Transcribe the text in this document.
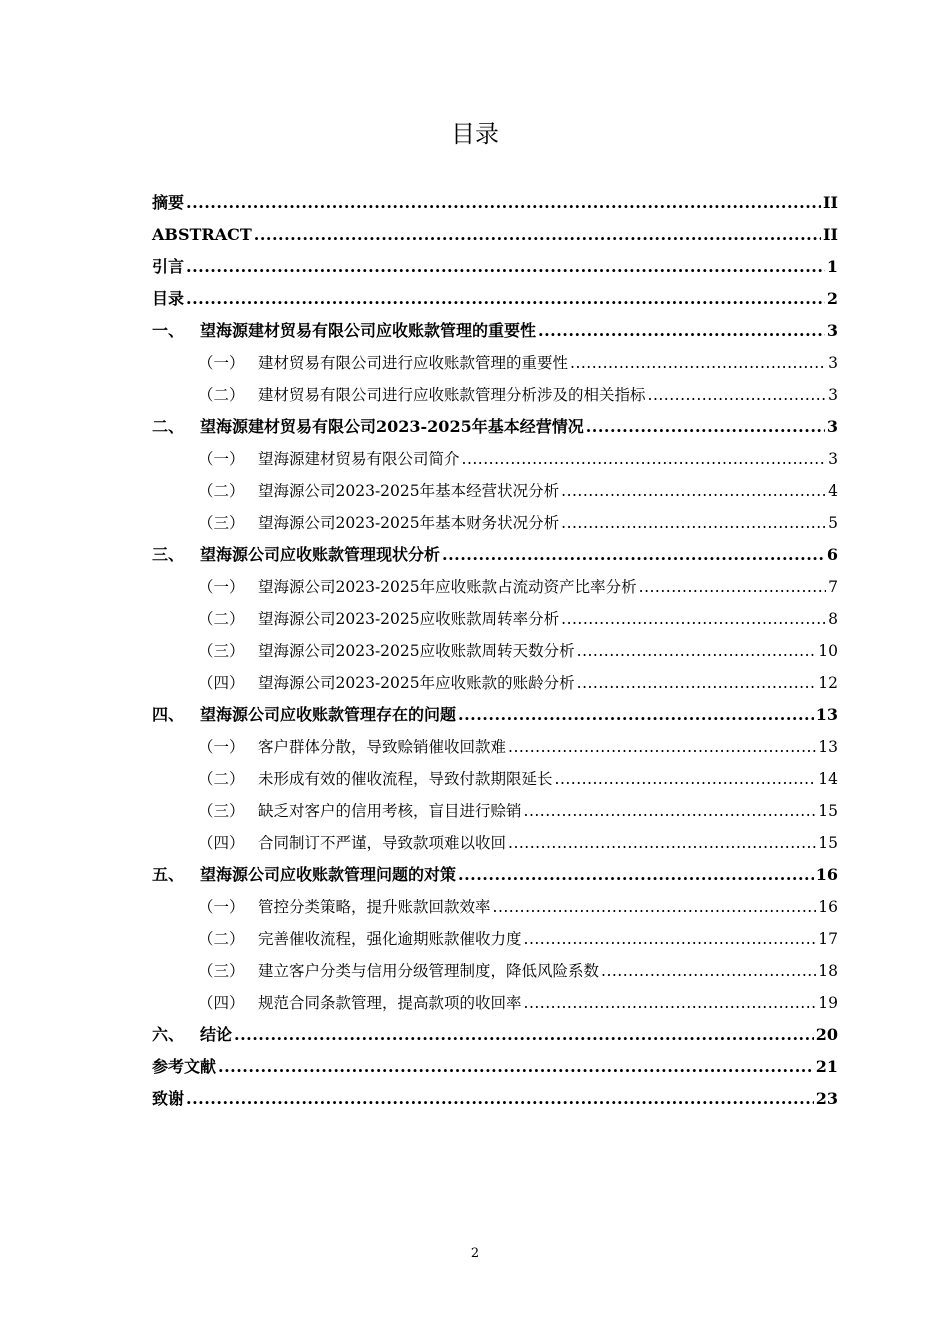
目录
摘要 .....	II
ABSTRACT .....	II
引言 .....	1
目录 .....	2
一、 望海源建材贸易有限公司应收账款管理的重要性 .....	3
（一） 建材贸易有限公司进行应收账款管理的重要性 .....	3
（二） 建材贸易有限公司进行应收账款管理分析涉及的相关指标 .....	3
二、 望海源建材贸易有限公司2023-2025年基本经营情况 .....	3
（一） 望海源建材贸易有限公司简介 .....	3
（二） 望海源公司2023-2025年基本经营状况分析 .....	4
（三） 望海源公司2023-2025年基本财务状况分析 .....	5
三、 望海源公司应收账款管理现状分析 .....	6
（一） 望海源公司2023-2025年应收账款占流动资产比率分析 .....	7
（二） 望海源公司2023-2025应收账款周转率分析 .....	8
（三） 望海源公司2023-2025应收账款周转天数分析 .....	10
（四） 望海源公司2023-2025年应收账款的账龄分析 .....	12
四、 望海源公司应收账款管理存在的问题 .....	13
（一） 客户群体分散，导致赊销催收回款难 .....	13
（二） 未形成有效的催收流程，导致付款期限延长 .....	14
（三） 缺乏对客户的信用考核，盲目进行赊销 .....	15
（四） 合同制订不严谨，导致款项难以收回 .....	15
五、 望海源公司应收账款管理问题的对策 .....	16
（一） 管控分类策略，提升账款回款效率 .....	16
（二） 完善催收流程，强化逾期账款催收力度 .....	17
（三） 建立客户分类与信用分级管理制度，降低风险系数 .....	18
（四） 规范合同条款管理，提高款项的收回率 .....	19
六、 结论 .....	20
参考文献 .....	21
致谢 .....	23
2
